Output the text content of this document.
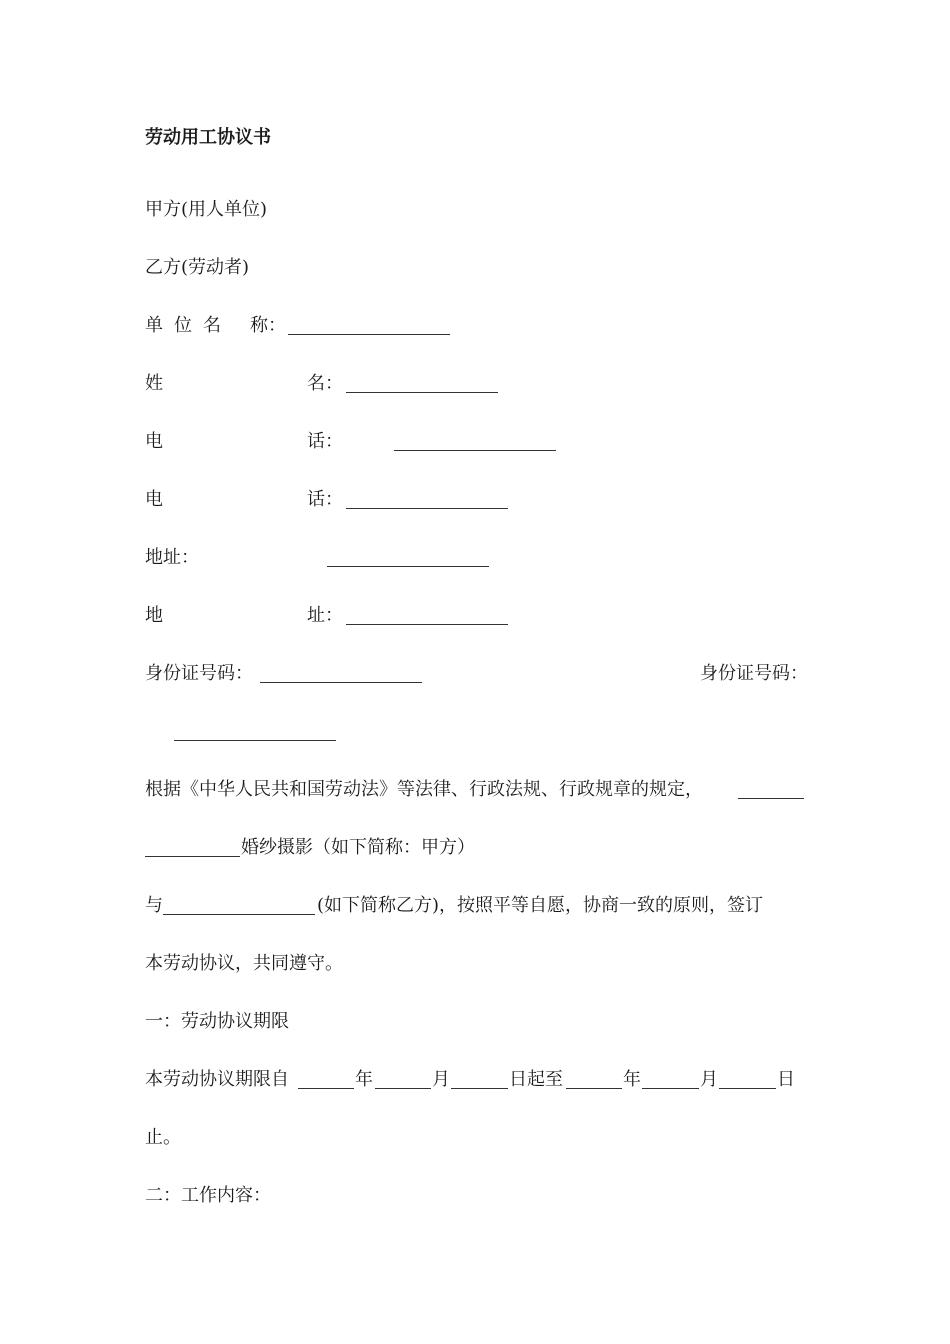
劳动用工协议书
甲方(用人单位)
乙方(劳动者)
单 位 名 称：
姓	名：
电	话：
电	话：
地址：
地	址：
身份证号码：	身份证号码：
根据《中华人民共和国劳动法》等法律、行政法规、行政规章的规定，
婚纱摄影（如下简称：甲方）
与	(如下简称乙方)，按照平等自愿，协商一致的原则，签订
本劳动协议，共同遵守。
一：劳动协议期限
本劳动协议期限自	年	月	日起至	年	月	日
止。
二：工作内容：
